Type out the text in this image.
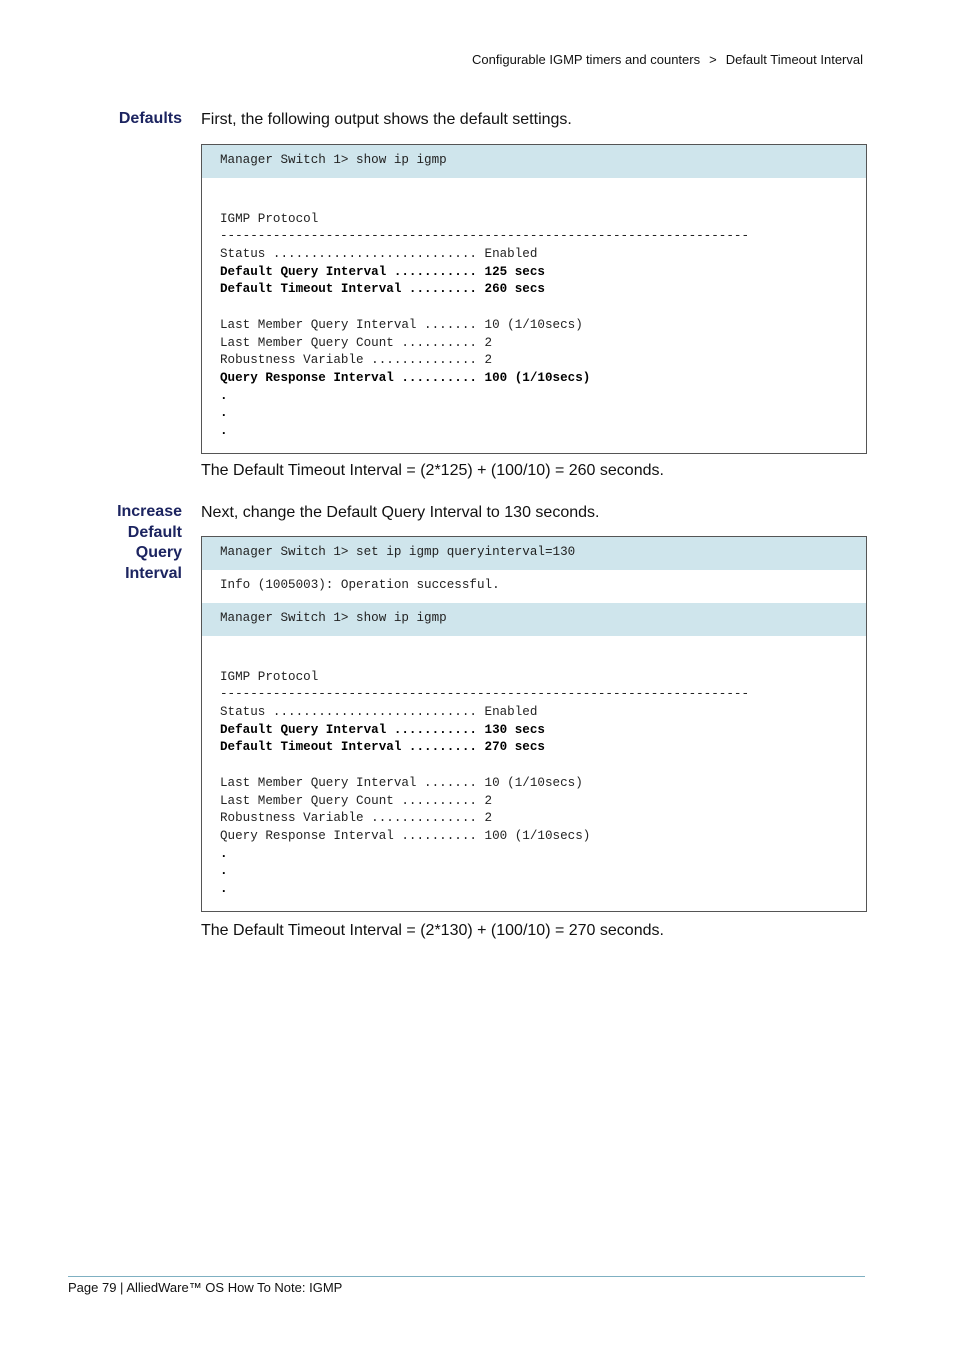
Configurable IGMP timers and counters > Default Timeout Interval
Defaults First, the following output shows the default settings.
Manager Switch 1> show ip igmp
IGMP Protocol
----------------------------------------------------------------------
Status ........................... Enabled
Default Query Interval ........... 125 secs
Default Timeout Interval ......... 260 secs
Last Member Query Interval ....... 10 (1/10secs)
Last Member Query Count .......... 2
Robustness Variable .............. 2
Query Response Interval .......... 100 (1/10secs)
.
.
.
The Default Timeout Interval = (2*125) + (100/10) = 260 seconds.
Increase
Default
Query
Interval
Next, change the Default Query Interval to 130 seconds.
Manager Switch 1> set ip igmp queryinterval=130
Info (1005003): Operation successful.
Manager Switch 1> show ip igmp
IGMP Protocol
----------------------------------------------------------------------
Status ........................... Enabled
Default Query Interval ........... 130 secs
Default Timeout Interval ......... 270 secs
Last Member Query Interval ....... 10 (1/10secs)
Last Member Query Count .......... 2
Robustness Variable .............. 2
Query Response Interval .......... 100 (1/10secs)
.
.
.
The Default Timeout Interval = (2*130) + (100/10) = 270 seconds.
Page 79 | AlliedWare™ OS How To Note: IGMP
